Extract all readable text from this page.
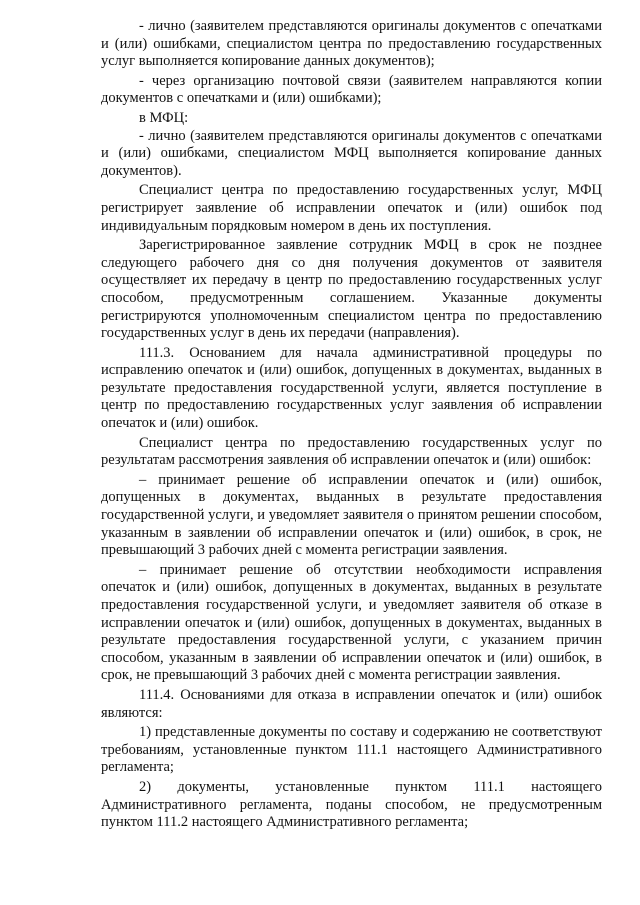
- лично (заявителем представляются оригиналы документов с опечатками и (или) ошибками, специалистом центра по предоставлению государственных услуг выполняется копирование данных документов);

- через организацию почтовой связи (заявителем направляются копии документов с опечатками и (или) ошибками);

в МФЦ:

- лично (заявителем представляются оригиналы документов с опечатками и (или) ошибками, специалистом МФЦ выполняется копирование данных документов).

Специалист центра по предоставлению государственных услуг, МФЦ регистрирует заявление об исправлении опечаток и (или) ошибок под индивидуальным порядковым номером в день их поступления.

Зарегистрированное заявление сотрудник МФЦ в срок не позднее следующего рабочего дня со дня получения документов от заявителя осуществляет их передачу в центр по предоставлению государственных услуг способом, предусмотренным соглашением. Указанные документы регистрируются уполномоченным специалистом центра по предоставлению государственных услуг в день их передачи (направления).

111.3. Основанием для начала административной процедуры по исправлению опечаток и (или) ошибок, допущенных в документах, выданных в результате предоставления государственной услуги, является поступление в центр по предоставлению государственных услуг заявления об исправлении опечаток и (или) ошибок.

Специалист центра по предоставлению государственных услуг по результатам рассмотрения заявления об исправлении опечаток и (или) ошибок:

– принимает решение об исправлении опечаток и (или) ошибок, допущенных в документах, выданных в результате предоставления государственной услуги, и уведомляет заявителя о принятом решении способом, указанным в заявлении об исправлении опечаток и (или) ошибок, в срок, не превышающий 3 рабочих дней с момента регистрации заявления.

– принимает решение об отсутствии необходимости исправления опечаток и (или) ошибок, допущенных в документах, выданных в результате предоставления государственной услуги, и уведомляет заявителя об отказе в исправлении опечаток и (или) ошибок, допущенных в документах, выданных в результате предоставления государственной услуги, с указанием причин способом, указанным в заявлении об исправлении опечаток и (или) ошибок, в срок, не превышающий 3 рабочих дней с момента регистрации заявления.

111.4. Основаниями для отказа в исправлении опечаток и (или) ошибок являются:

1) представленные документы по составу и содержанию не соответствуют требованиям, установленные пунктом 111.1 настоящего Административного регламента;

2) документы, установленные пунктом 111.1 настоящего Административного регламента, поданы способом, не предусмотренным пунктом 111.2 настоящего Административного регламента;
